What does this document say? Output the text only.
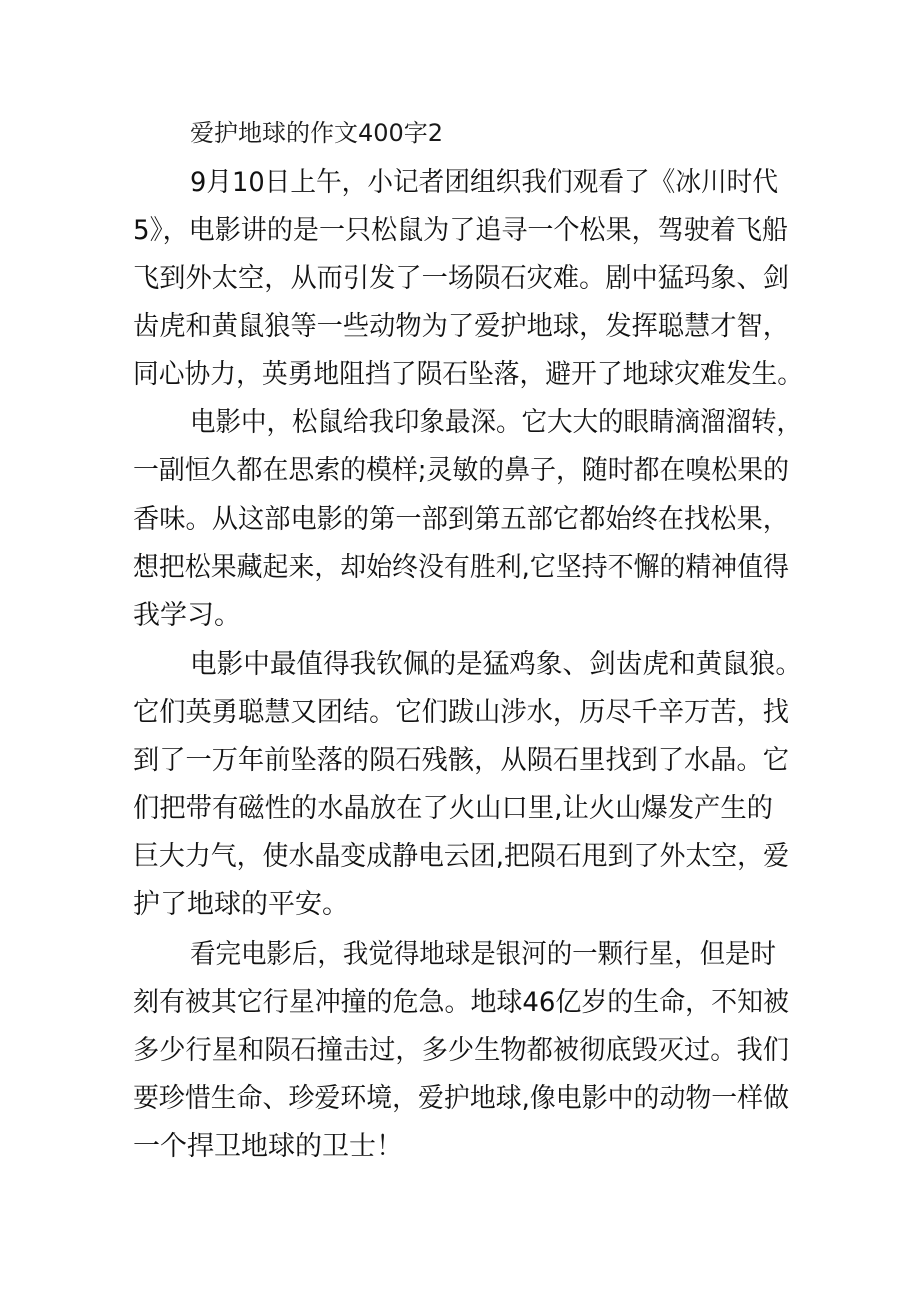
爱护地球的作文400字2
9月10日上午，小记者团组织我们观看了《冰川时代
5》，电影讲的是一只松鼠为了追寻一个松果，驾驶着飞船
飞到外太空，从而引发了一场陨石灾难。剧中猛玛象、剑
齿虎和黄鼠狼等一些动物为了爱护地球，发挥聪慧才智，
同心协力，英勇地阻挡了陨石坠落，避开了地球灾难发生。
电影中，松鼠给我印象最深。它大大的眼睛滴溜溜转，
一副恒久都在思索的模样;灵敏的鼻子，随时都在嗅松果的
香味。从这部电影的第一部到第五部它都始终在找松果，
想把松果藏起来，却始终没有胜利,它坚持不懈的精神值得
我学习。
电影中最值得我钦佩的是猛鸡象、剑齿虎和黄鼠狼。
它们英勇聪慧又团结。它们跋山涉水，历尽千辛万苦，找
到了一万年前坠落的陨石残骸，从陨石里找到了水晶。它
们把带有磁性的水晶放在了火山口里,让火山爆发产生的
巨大力气，使水晶变成静电云团,把陨石甩到了外太空，爱
护了地球的平安。
看完电影后，我觉得地球是银河的一颗行星，但是时
刻有被其它行星冲撞的危急。地球46亿岁的生命，不知被
多少行星和陨石撞击过，多少生物都被彻底毁灭过。我们
要珍惜生命、珍爱环境，爱护地球,像电影中的动物一样做
一个捍卫地球的卫士！
